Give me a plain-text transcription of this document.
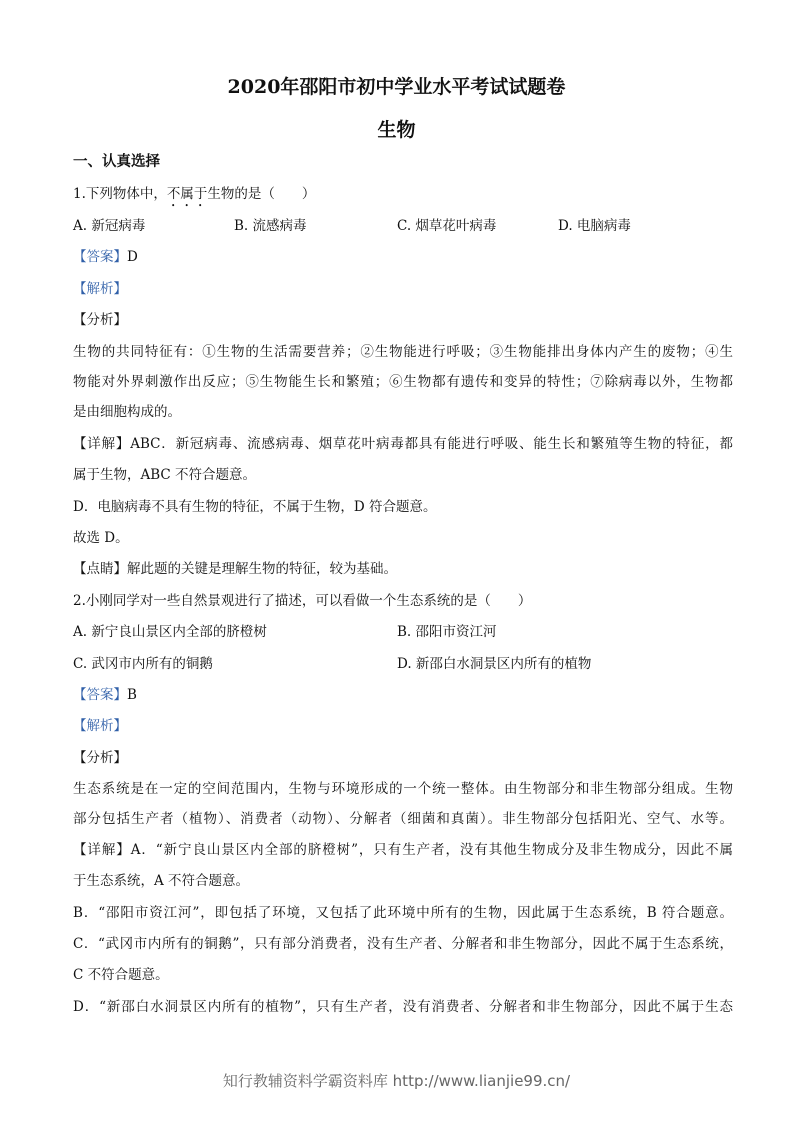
2020年邵阳市初中学业水平考试试题卷
生物
一、认真选择
1.下列物体中，不属于生物的是（　　）
A. 新冠病毒	B. 流感病毒	C. 烟草花叶病毒	D. 电脑病毒
【答案】D
【解析】
【分析】
生物的共同特征有：①生物的生活需要营养；②生物能进行呼吸；③生物能排出身体内产生的废物；④生
物能对外界刺激作出反应；⑤生物能生长和繁殖；⑥生物都有遗传和变异的特性；⑦除病毒以外，生物都
是由细胞构成的。
【详解】ABC．新冠病毒、流感病毒、烟草花叶病毒都具有能进行呼吸、能生长和繁殖等生物的特征，都
属于生物，ABC 不符合题意。
D．电脑病毒不具有生物的特征，不属于生物，D 符合题意。
故选 D。
【点睛】解此题的关键是理解生物的特征，较为基础。
2.小刚同学对一些自然景观进行了描述，可以看做一个生态系统的是（　　）
A. 新宁良山景区内全部的脐橙树	B. 邵阳市资江河
C. 武冈市内所有的铜鹅	D. 新邵白水洞景区内所有的植物
【答案】B
【解析】
【分析】
生态系统是在一定的空间范围内，生物与环境形成的一个统一整体。由生物部分和非生物部分组成。生物
部分包括生产者（植物）、消费者（动物）、分解者（细菌和真菌）。非生物部分包括阳光、空气、水等。
【详解】A．“新宁良山景区内全部的脐橙树”，只有生产者，没有其他生物成分及非生物成分，因此不属
于生态系统，A 不符合题意。
B．“邵阳市资江河”，即包括了环境，又包括了此环境中所有的生物，因此属于生态系统，B 符合题意。
C．“武冈市内所有的铜鹅”，只有部分消费者，没有生产者、分解者和非生物部分，因此不属于生态系统，
C 不符合题意。
D．“新邵白水洞景区内所有的植物”，只有生产者，没有消费者、分解者和非生物部分，因此不属于生态
知行教辅资料学霸资料库 http://www.lianjie99.cn/
